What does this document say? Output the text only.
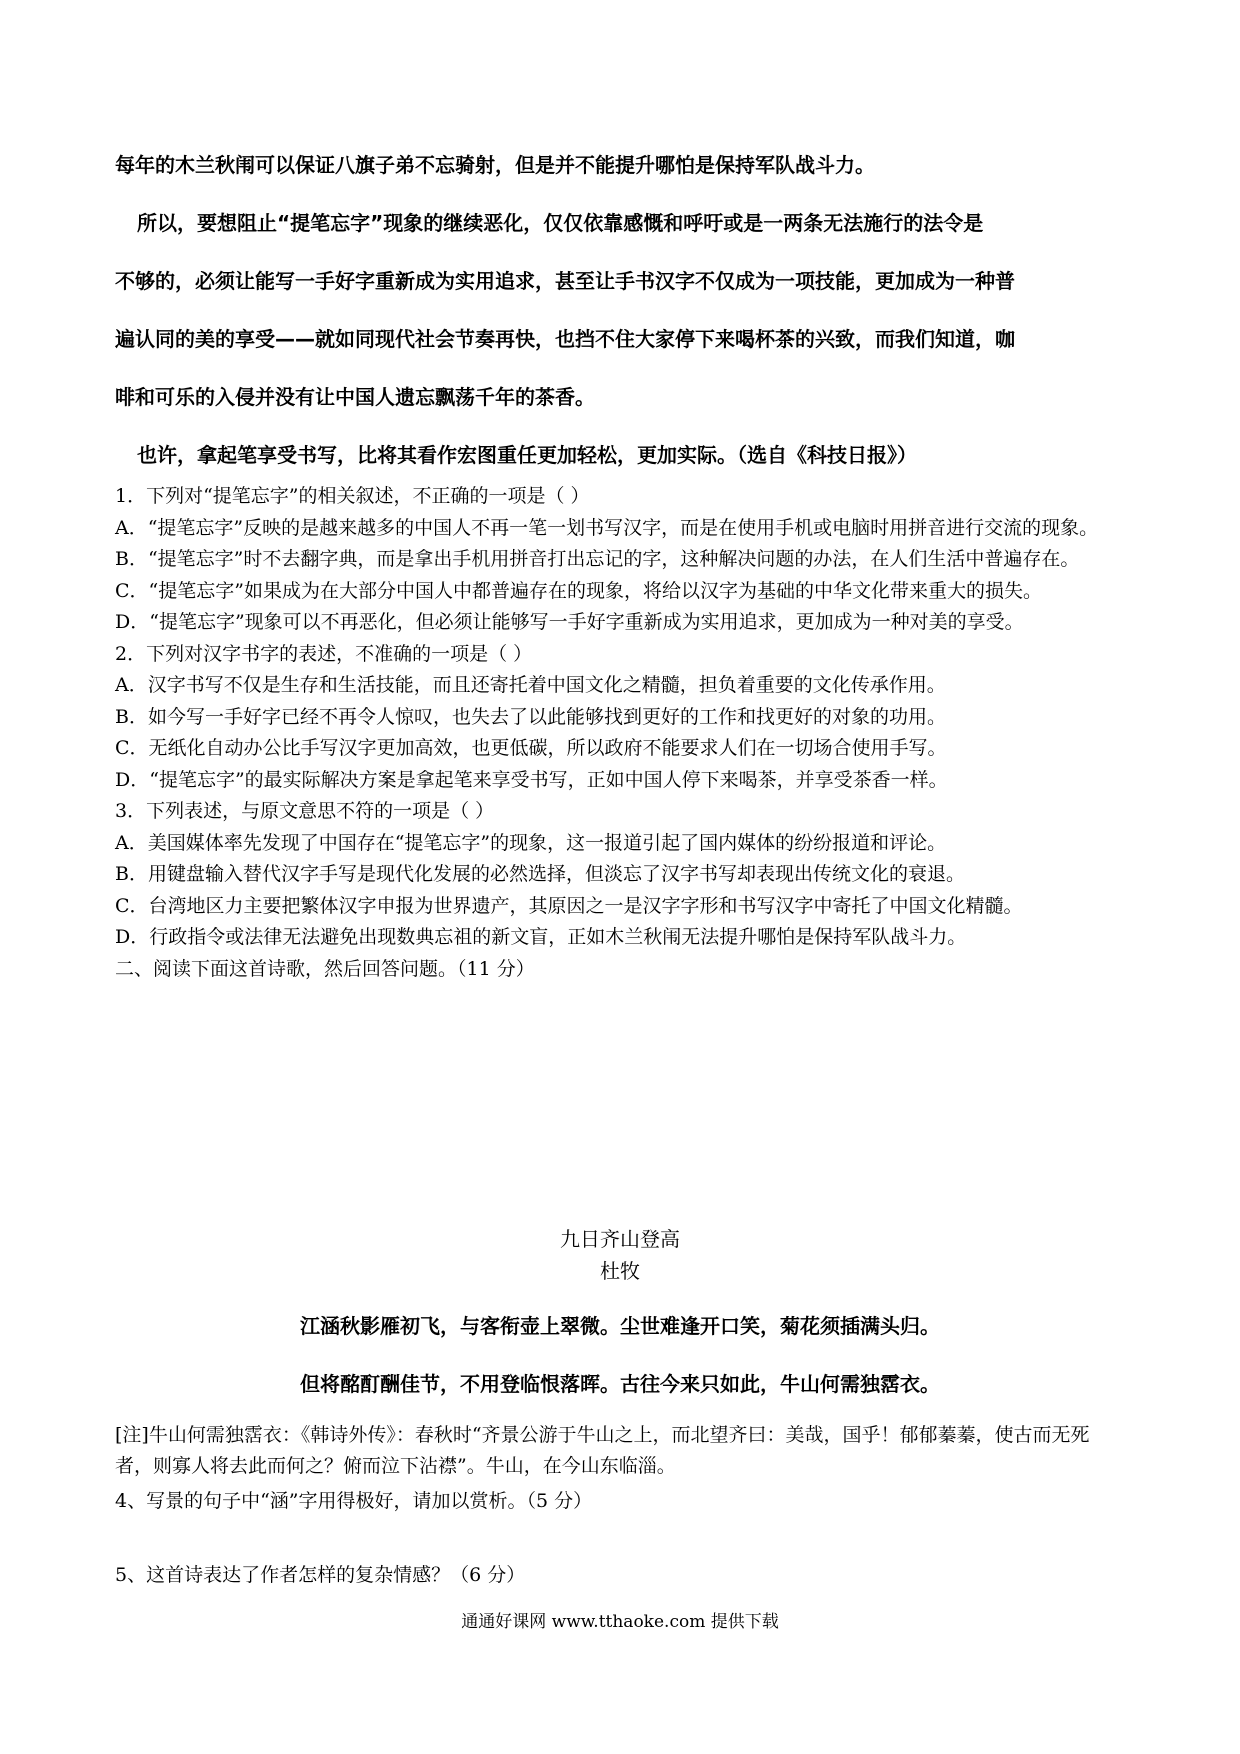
每年的木兰秋闱可以保证八旗子弟不忘骑射，但是并不能提升哪怕是保持军队战斗力。
所以，要想阻止“提笔忘字”现象的继续恶化，仅仅依靠感慨和呼吁或是一两条无法施行的法令是
不够的，必须让能写一手好字重新成为实用追求，甚至让手书汉字不仅成为一项技能，更加成为一种普
遍认同的美的享受——就如同现代社会节奏再快，也挡不住大家停下来喝杯茶的兴致，而我们知道，咖
啡和可乐的入侵并没有让中国人遗忘飘荡千年的茶香。
也许，拿起笔享受书写，比将其看作宏图重任更加轻松，更加实际。（选自《科技日报》）
1．下列对“提笔忘字”的相关叙述，不正确的一项是（ ）
A．“提笔忘字”反映的是越来越多的中国人不再一笔一划书写汉字，而是在使用手机或电脑时用拼音进行交流的现象。
B．“提笔忘字”时不去翻字典，而是拿出手机用拼音打出忘记的字，这种解决问题的办法，在人们生活中普遍存在。
C．“提笔忘字”如果成为在大部分中国人中都普遍存在的现象，将给以汉字为基础的中华文化带来重大的损失。
D．“提笔忘字”现象可以不再恶化，但必须让能够写一手好字重新成为实用追求，更加成为一种对美的享受。
2．下列对汉字书字的表述，不准确的一项是（ ）
A．汉字书写不仅是生存和生活技能，而且还寄托着中国文化之精髓，担负着重要的文化传承作用。
B．如今写一手好字已经不再令人惊叹，也失去了以此能够找到更好的工作和找更好的对象的功用。
C．无纸化自动办公比手写汉字更加高效，也更低碳，所以政府不能要求人们在一切场合使用手写。
D．“提笔忘字”的最实际解决方案是拿起笔来享受书写，正如中国人停下来喝茶，并享受茶香一样。
3．下列表述，与原文意思不符的一项是（ ）
A．美国媒体率先发现了中国存在“提笔忘字”的现象，这一报道引起了国内媒体的纷纷报道和评论。
B．用键盘输入替代汉字手写是现代化发展的必然选择，但淡忘了汉字书写却表现出传统文化的衰退。
C．台湾地区力主要把繁体汉字申报为世界遗产，其原因之一是汉字字形和书写汉字中寄托了中国文化精髓。
D．行政指令或法律无法避免出现数典忘祖的新文盲，正如木兰秋闱无法提升哪怕是保持军队战斗力。
二、阅读下面这首诗歌，然后回答问题。（11 分）
九日齐山登高
杜牧
江涵秋影雁初飞，与客衔壶上翠微。尘世难逢开口笑，菊花须插满头归。
但将酩酊酬佳节，不用登临恨落晖。古往今来只如此，牛山何需独霑衣。
[注]牛山何需独霑衣：《韩诗外传》：春秋时“齐景公游于牛山之上，而北望齐曰：美哉，国乎！郁郁蓁蓁，使古而无死者，则寡人将去此而何之？俯而泣下沾襟”。牛山，在今山东临淄。
4、写景的句子中“涵”字用得极好，请加以赏析。（5 分）
5、这首诗表达了作者怎样的复杂情感？（6 分）
通通好课网 www.tthaoke.com 提供下载
